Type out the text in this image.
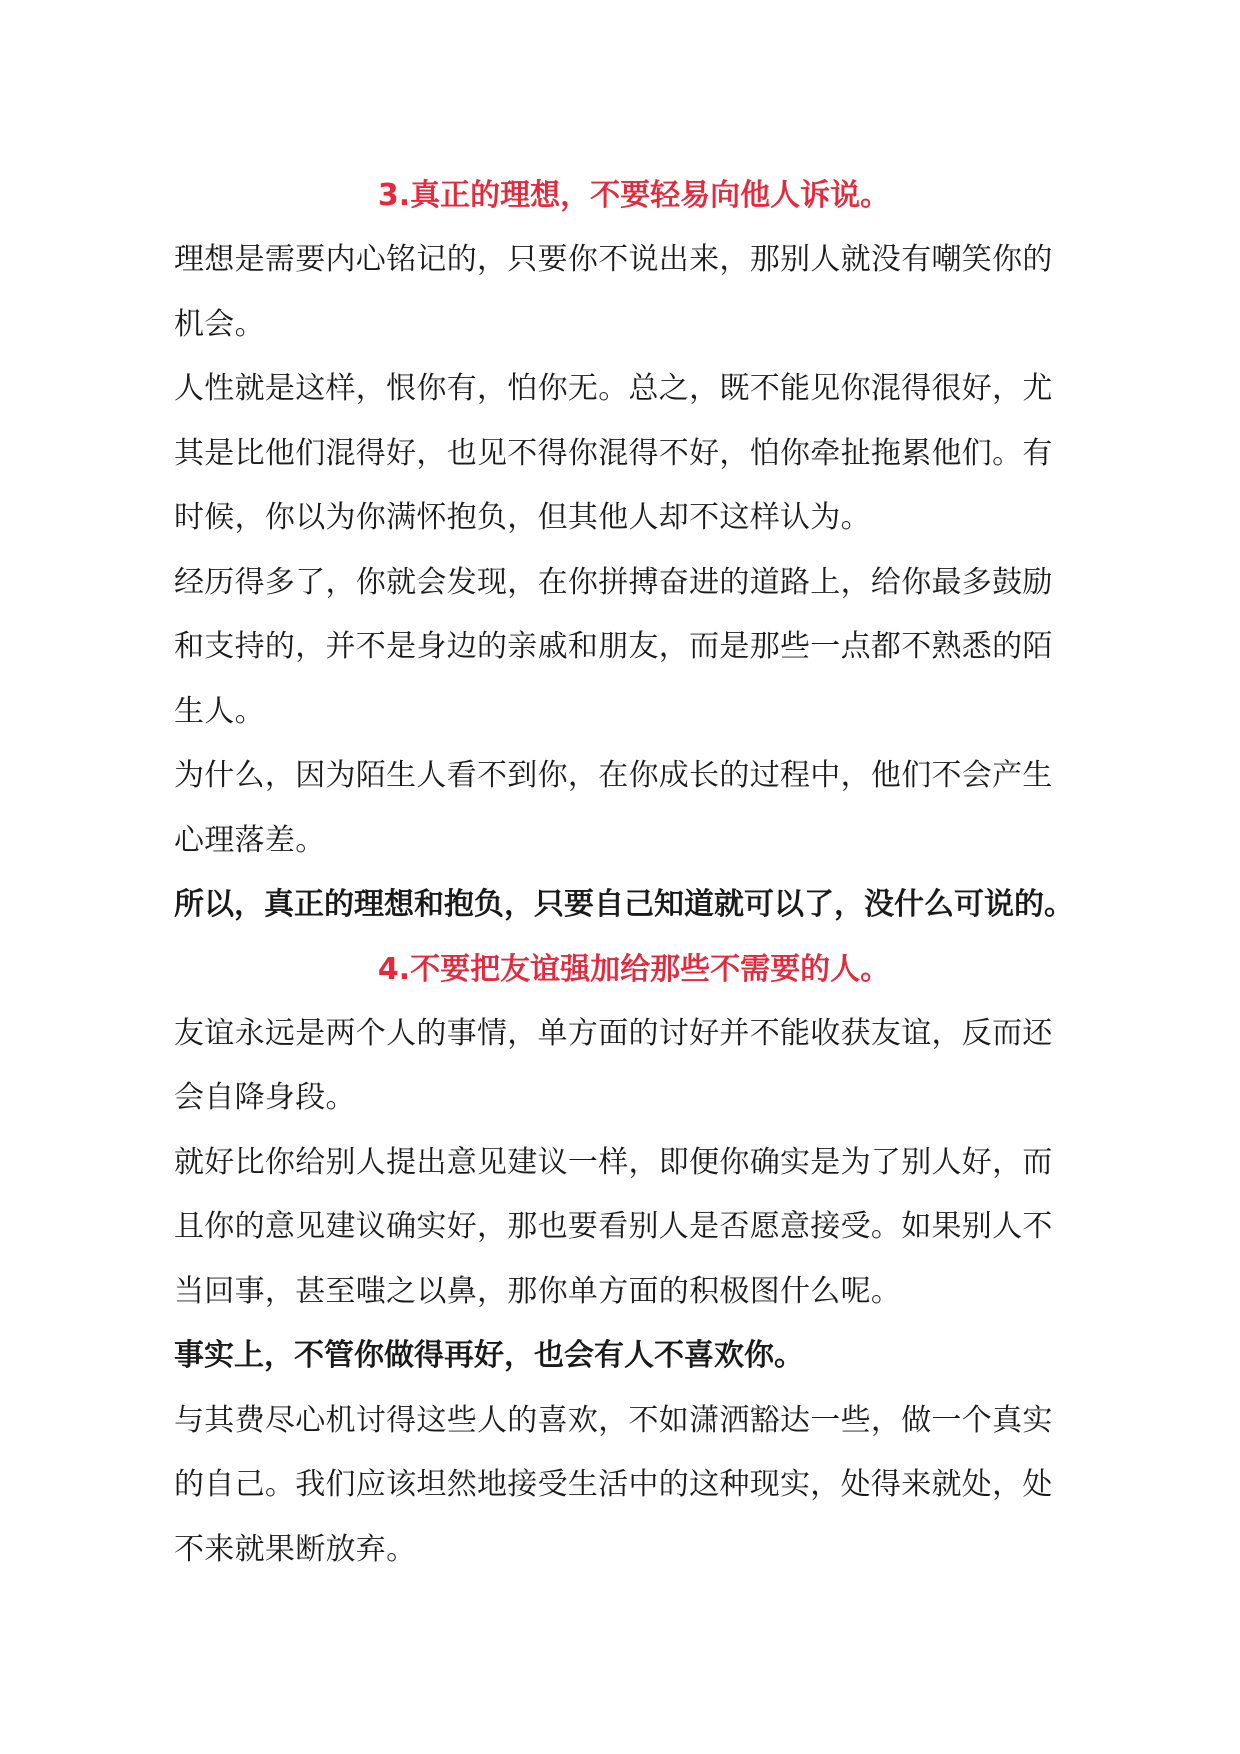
3.真正的理想，不要轻易向他人诉说。

理想是需要内心铭记的，只要你不说出来，那别人就没有嘲笑你的
机会。

人性就是这样，恨你有，怕你无。总之，既不能见你混得很好，尤
其是比他们混得好，也见不得你混得不好，怕你牵扯拖累他们。有
时候，你以为你满怀抱负，但其他人却不这样认为。

经历得多了，你就会发现，在你拼搏奋进的道路上，给你最多鼓励
和支持的，并不是身边的亲戚和朋友，而是那些一点都不熟悉的陌
生人。

为什么，因为陌生人看不到你，在你成长的过程中，他们不会产生
心理落差。

所以，真正的理想和抱负，只要自己知道就可以了，没什么可说的。

4.不要把友谊强加给那些不需要的人。

友谊永远是两个人的事情，单方面的讨好并不能收获友谊，反而还
会自降身段。

就好比你给别人提出意见建议一样，即便你确实是为了别人好，而
且你的意见建议确实好，那也要看别人是否愿意接受。如果别人不
当回事，甚至嗤之以鼻，那你单方面的积极图什么呢。

事实上，不管你做得再好，也会有人不喜欢你。

与其费尽心机讨得这些人的喜欢，不如潇洒豁达一些，做一个真实
的自己。我们应该坦然地接受生活中的这种现实，处得来就处，处
不来就果断放弃。
